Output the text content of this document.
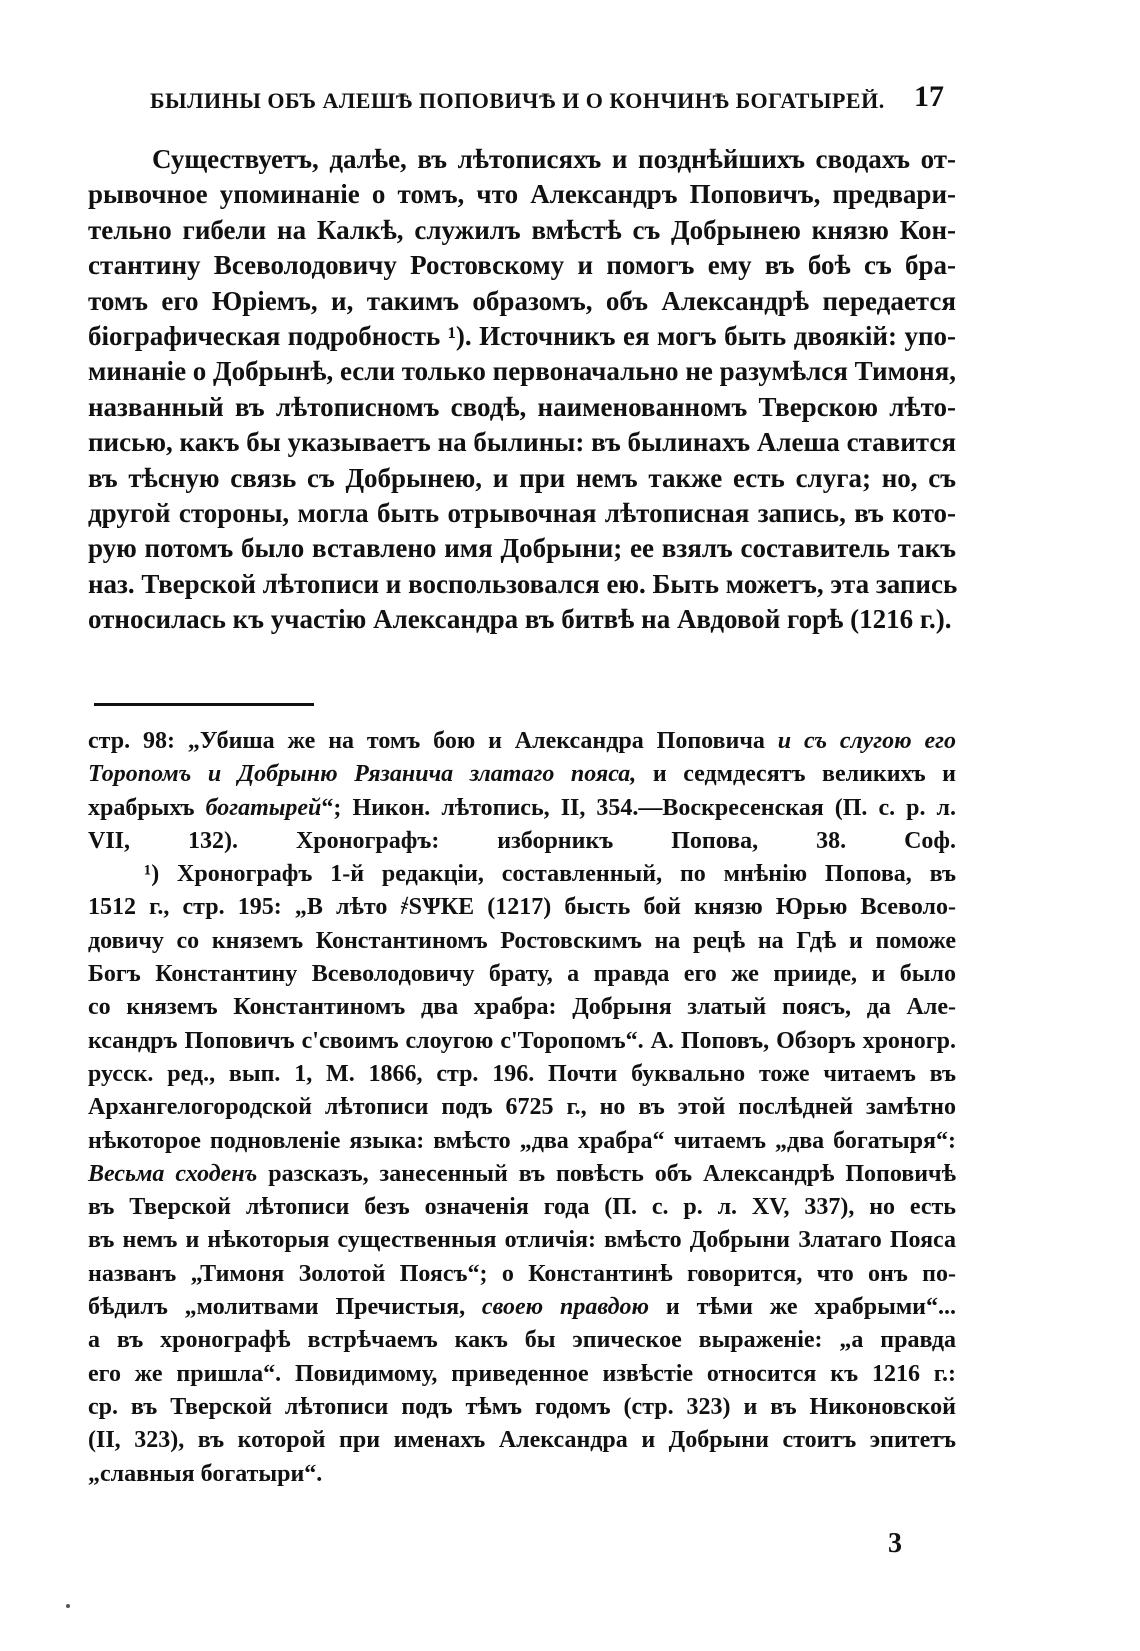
БЫЛИНЫ ОБЪ АЛЕШѢ ПОПОВИЧѢ И О КОНЧИНѢ БОГАТЫРЕЙ. 17
Существуетъ, далѣе, въ лѣтописяхъ и позднѣйшихъ сводахъ от-
рывочное упоминаніе о томъ, что Александръ Поповичъ, предвари-
тельно гибели на Калкѣ, служилъ вмѣстѣ съ Добрынею князю Кон-
стантину Всеволодовичу Ростовскому и помогъ ему въ боѣ съ бра-
томъ его Юріемъ, и, такимъ образомъ, объ Александрѣ передается
біографическая подробность ¹). Источникъ ея могъ быть двоякій: упо-
минаніе о Добрынѣ, если только первоначально не разумѣлся Тимоня,
названный въ лѣтописномъ сводѣ, наименованномъ Тверскою лѣто-
писью, какъ бы указываетъ на былины: въ былинахъ Алеша ставится
въ тѣсную связь съ Добрынею, и при немъ также есть слуга; но, съ
другой стороны, могла быть отрывочная лѣтописная запись, въ кото-
рую потомъ было вставлено имя Добрыни; ее взялъ составитель такъ
наз. Тверской лѣтописи и воспользовался ею. Быть можетъ, эта запись
относилась къ участію Александра въ битвѣ на Авдовой горѣ (1216 г.).
стр. 98: „Убиша же на томъ бою и Александра Поповича и съ слугою его
Торопомъ и Добрыню Рязанича златаго пояса, и седмдесятъ великихъ и
храбрыхъ богатырей“; Никон. лѣтопись, II, 354.—Воскресенская (П. с. р. л.
VII, 132). Хронографъ: изборникъ Попова, 38. Соф.
¹) Хронографъ 1-й редакціи, составленный, по мнѣнію Попова, въ
1512 г., стр. 195: „В лѣто ҂ЅѰКЕ (1217) бысть бой князю Юрью Всеволо-
довичу со княземъ Константиномъ Ростовскимъ на рецѣ на Гдѣ и поможе
Богъ Константину Всеволодовичу брату, а правда его же прииде, и было
со княземъ Константиномъ два храбра: Добрыня златый поясъ, да Але-
ксандръ Поповичъ с'своимъ слоугою с'Торопомъ“. А. Поповъ, Обзоръ хроногр.
русск. ред., вып. 1, М. 1866, стр. 196. Почти буквально тоже читаемъ въ
Архангелогородской лѣтописи подъ 6725 г., но въ этой послѣдней замѣтно
нѣкоторое подновленіе языка: вмѣсто „два храбра“ читаемъ „два богатыря“:
Весьма сходенъ разсказъ, занесенный въ повѣсть объ Александрѣ Поповичѣ
въ Тверской лѣтописи безъ означенія года (П. с. р. л. XV, 337), но есть
въ немъ и нѣкоторыя существенныя отличія: вмѣсто Добрыни Златаго Пояса
названъ „Тимоня Золотой Поясъ“; о Константинѣ говорится, что онъ по-
бѣдилъ „молитвами Пречистыя, своею правдою и тѣми же храбрыми“...
а въ хронографѣ встрѣчаемъ какъ бы эпическое выраженіе: „а правда
его же пришла“. Повидимому, приведенное извѣстіе относится къ 1216 г.:
ср. въ Тверской лѣтописи подъ тѣмъ годомъ (стр. 323) и въ Никоновской
(II, 323), въ которой при именахъ Александра и Добрыни стоитъ эпитетъ
„славныя богатыри“.
3
